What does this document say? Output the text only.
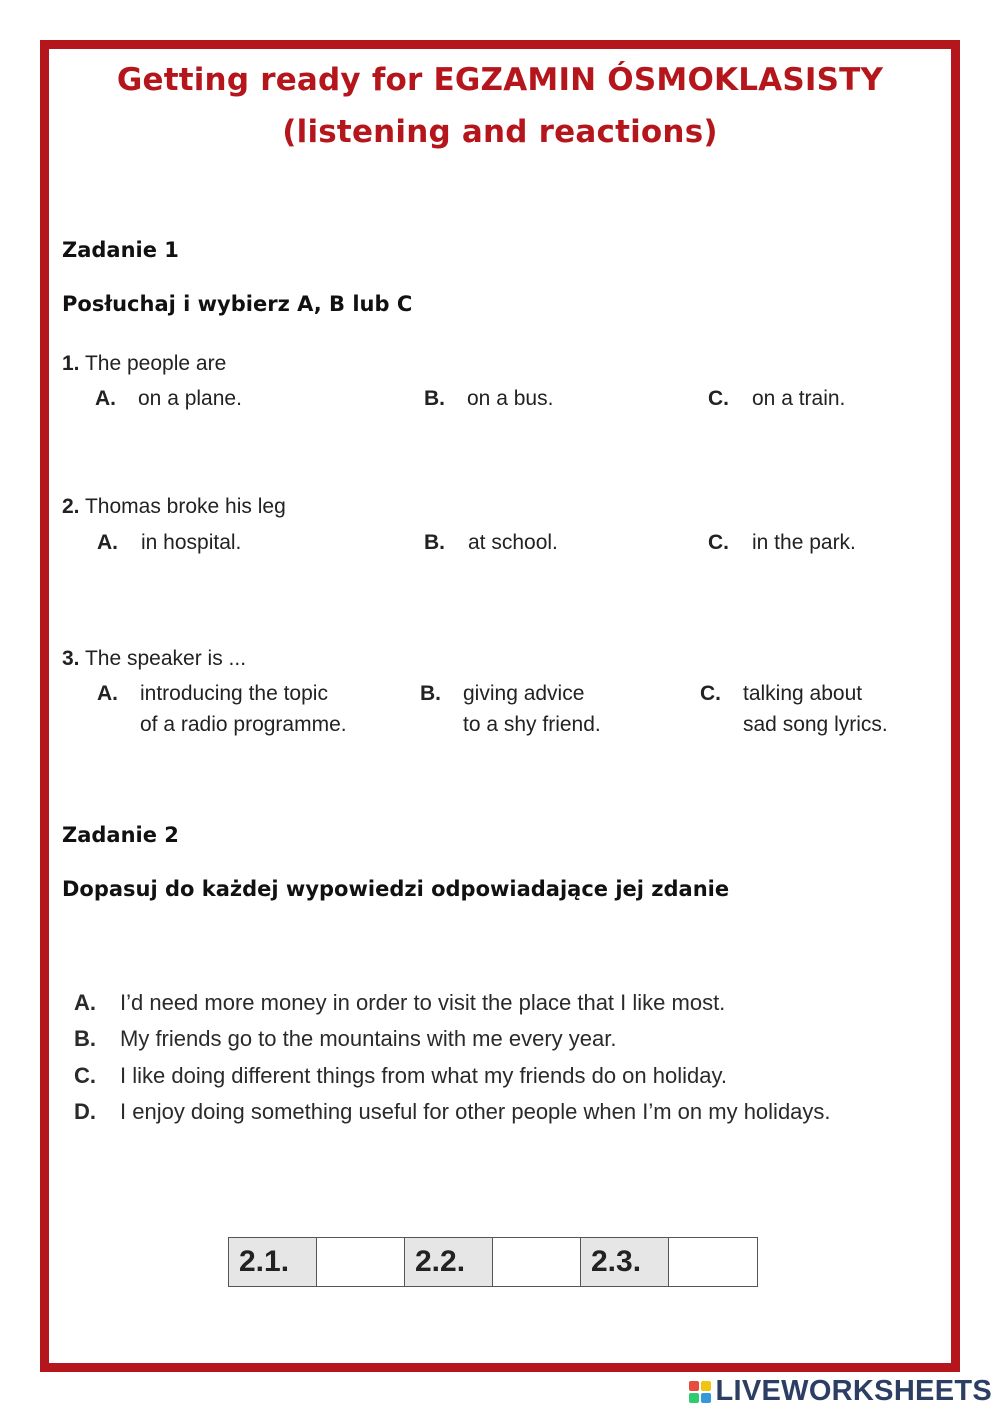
Getting ready for EGZAMIN ÓSMOKLASISTY
(listening and reactions)
Zadanie 1
Posłuchaj i wybierz A, B lub C
1. The people are
A. on a plane.	B. on a bus.	C. on a train.
2. Thomas broke his leg
A. in hospital.	B. at school.	C. in the park.
3. The speaker is ...
A. introducing the topic
of a radio programme.
B. giving advice
to a shy friend.
C. talking about
sad song lyrics.
Zadanie 2
Dopasuj do każdej wypowiedzi odpowiadające jej zdanie
A. I’d need more money in order to visit the place that I like most.
B. My friends go to the mountains with me every year.
C. I like doing different things from what my friends do on holiday.
D. I enjoy doing something useful for other people when I’m on my holidays.
2.1.	2.2.	2.3.
LIVEWORKSHEETS
